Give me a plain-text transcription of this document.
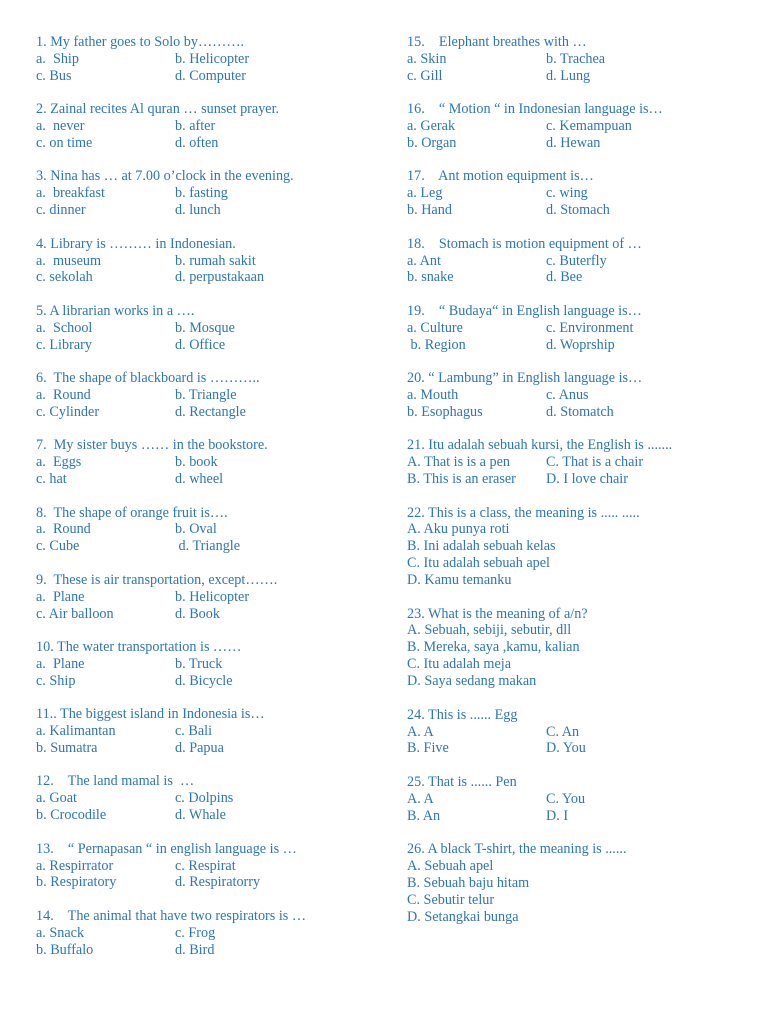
1. My father goes to Solo by……….
a.  Ship	b. Helicopter
c. Bus	d. Computer
2. Zainal recites Al quran … sunset prayer.
a.  never	b. after
c. on time	d. often
3. Nina has … at 7.00 o’clock in the evening.
a.  breakfast	b. fasting
c. dinner	d. lunch
4. Library is ……… in Indonesian.
a.  museum	b. rumah sakit
c. sekolah	d. perpustakaan
5. A librarian works in a ….
a.  School	b. Mosque
c. Library	d. Office
6.  The shape of blackboard is ………..
a.  Round	b. Triangle
c. Cylinder	d. Rectangle
7.  My sister buys …… in the bookstore.
a.  Eggs	b. book
c. hat	d. wheel
8.  The shape of orange fruit is….
a.  Round	b. Oval
c. Cube	d. Triangle
9.  These is air transportation, except…….
a.  Plane	b. Helicopter
c. Air balloon	d. Book
10. The water transportation is ……
a.  Plane	b. Truck
c. Ship	d. Bicycle
11.. The biggest island in Indonesia is…
a. Kalimantan	c. Bali
b. Sumatra	d. Papua
12.    The land mamal is  …
a. Goat	c. Dolpins
b. Crocodile	d. Whale
13.    “ Pernapasan “ in english language is …
a. Respirrator	c. Respirat
b. Respiratory	d. Respiratorry
14.    The animal that have two respirators is …
a. Snack	c. Frog
b. Buffalo	d. Bird
15.    Elephant breathes with …
a. Skin	b. Trachea
c. Gill	d. Lung
16.    “ Motion “ in Indonesian language is…
a. Gerak	c. Kemampuan
b. Organ	d. Hewan
17.    Ant motion equipment is…
a. Leg	c. wing
b. Hand	d. Stomach
18.    Stomach is motion equipment of …
a. Ant	c. Buterfly
b. snake	d. Bee
19.    “ Budaya“ in English language is…
a. Culture	c. Environment
b. Region	d. Woprship
20. “ Lambung” in English language is…
a. Mouth	c. Anus
b. Esophagus	d. Stomatch
21. Itu adalah sebuah kursi, the English is .......
A. That is is a pen	C. That is a chair
B. This is an eraser	D. I love chair
22. This is a class, the meaning is ..... .....
A. Aku punya roti
B. Ini adalah sebuah kelas
C. Itu adalah sebuah apel
D. Kamu temanku
23. What is the meaning of a/n?
A. Sebuah, sebiji, sebutir, dll
B. Mereka, saya ,kamu, kalian
C. Itu adalah meja
D. Saya sedang makan
24. This is ...... Egg
A. A	C. An
B. Five	D. You
25. That is ...... Pen
A. A	C. You
B. An	D. I
26. A black T-shirt, the meaning is ......
A. Sebuah apel
B. Sebuah baju hitam
C. Sebutir telur
D. Setangkai bunga
